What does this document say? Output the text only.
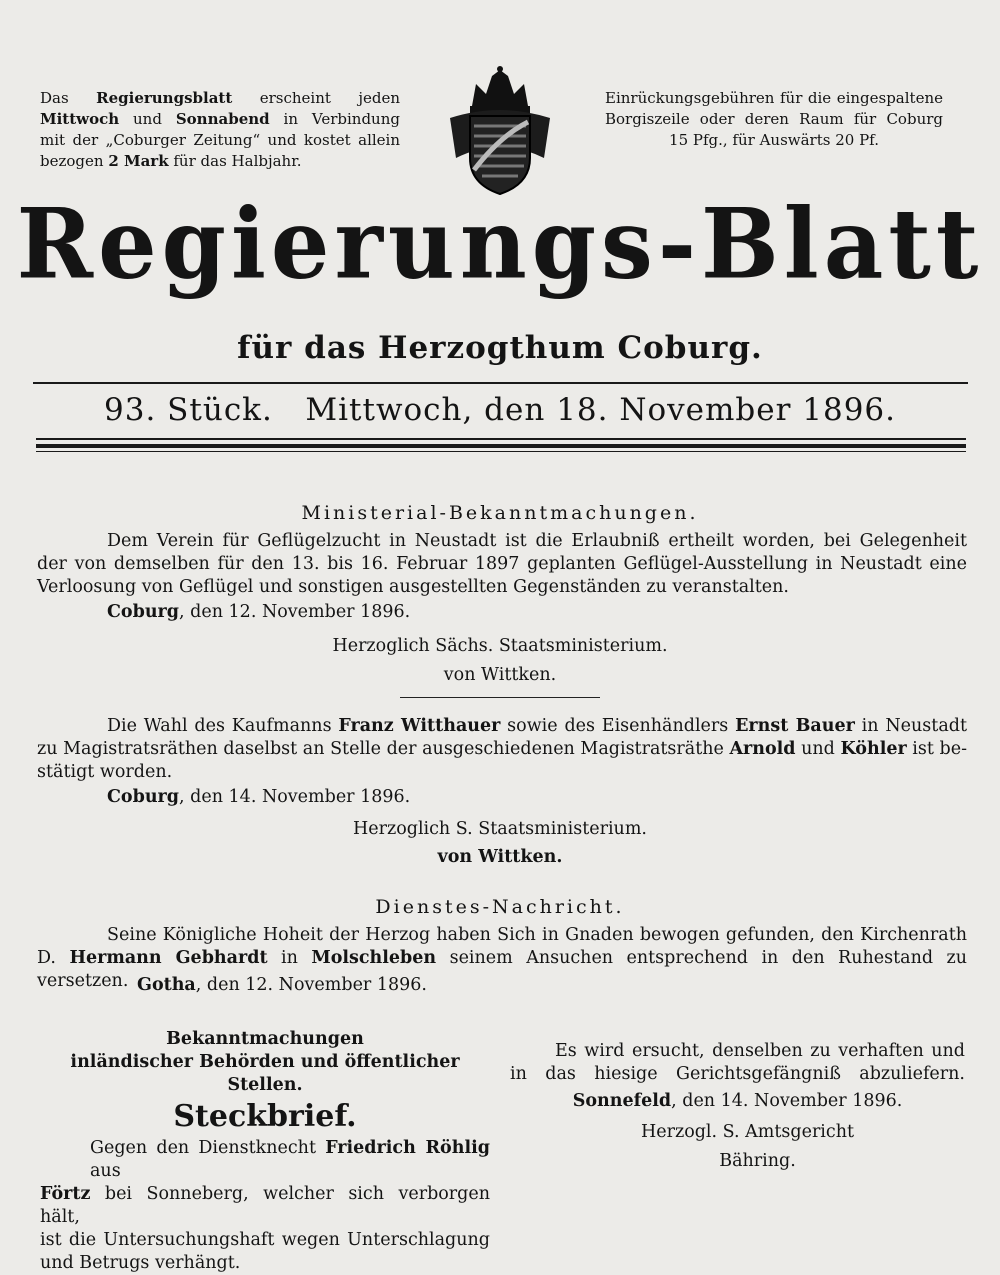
Das Regierungsblatt erscheint jeden
Mittwoch und Sonnabend in Verbindung
mit der „Coburger Zeitung“ und kostet allein
bezogen 2 Mark für das Halbjahr.
Einrückungsgebühren für die eingespaltene
Borgiszeile oder deren Raum für Coburg
15 Pfg., für Auswärts 20 Pf.
Regierungs-Blatt
für das Herzogthum Coburg.
93. Stück.   Mittwoch, den 18. November 1896.
Ministerial-Bekanntmachungen.
Dem Verein für Geflügelzucht in Neustadt ist die Erlaubniß ertheilt worden, bei Gelegenheit
der von demselben für den 13. bis 16. Februar 1897 geplanten Geflügel-Ausstellung in Neustadt eine
Verloosung von Geflügel und sonstigen ausgestellten Gegenständen zu veranstalten.
Coburg, den 12. November 1896.
Herzoglich Sächs. Staatsministerium.
von Wittken.
Die Wahl des Kaufmanns Franz Witthauer sowie des Eisenhändlers Ernst Bauer in Neustadt
zu Magistratsräthen daselbst an Stelle der ausgeschiedenen Magistratsräthe Arnold und Köhler ist be-
stätigt worden.
Coburg, den 14. November 1896.
Herzoglich S. Staatsministerium.
von Wittken.
Dienstes-Nachricht.
Seine Königliche Hoheit der Herzog haben Sich in Gnaden bewogen gefunden, den Kirchenrath
D. Hermann Gebhardt in Molschleben seinem Ansuchen entsprechend in den Ruhestand zu versetzen. Gotha, den 12. November 1896.
Bekanntmachungen
inländischer Behörden und öffentlicher Stellen.
Steckbrief.
Gegen den Dienstknecht Friedrich Röhlig aus
Förtz bei Sonneberg, welcher sich verborgen hält,
ist die Untersuchungshaft wegen Unterschlagung
und Betrugs verhängt.
Es wird ersucht, denselben zu verhaften und
in das hiesige Gerichtsgefängniß abzuliefern.
Sonnefeld, den 14. November 1896.
Herzogl. S. Amtsgericht
Bähring.
